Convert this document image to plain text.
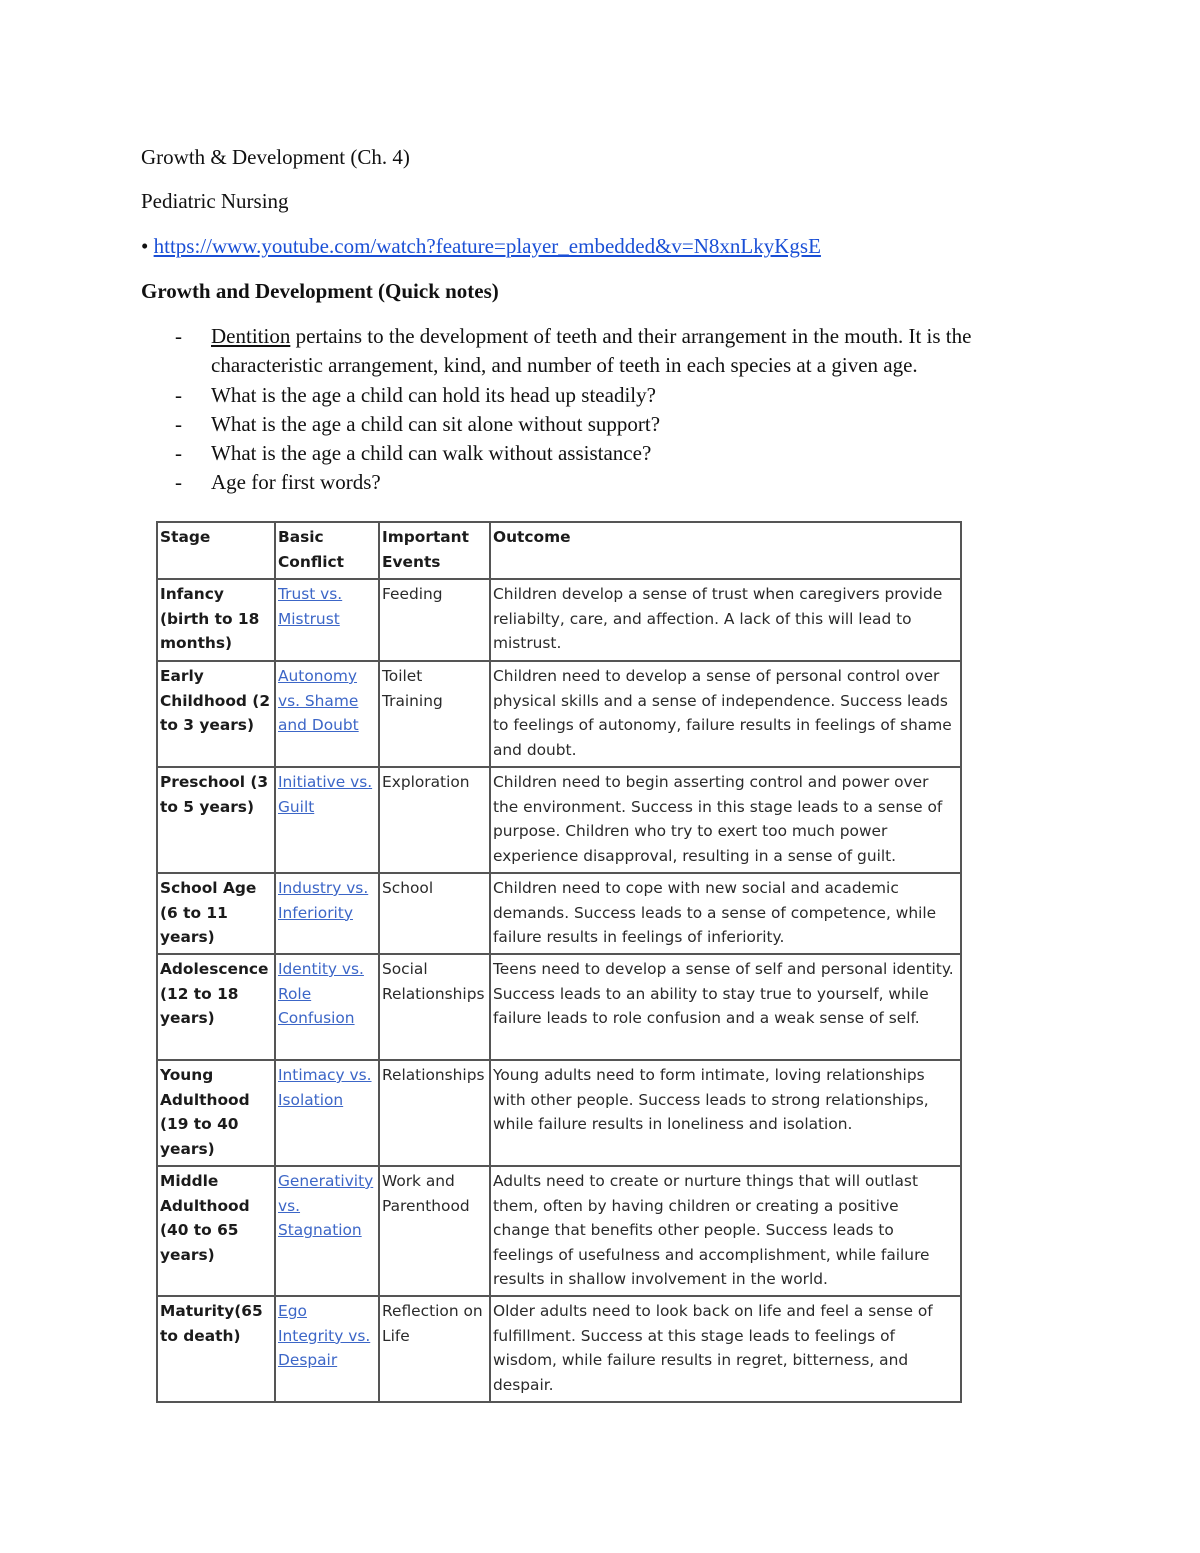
Growth & Development (Ch. 4)
Pediatric Nursing
• https://www.youtube.com/watch?feature=player_embedded&v=N8xnLkyKgsE
Growth and Development (Quick notes)
- Dentition pertains to the development of teeth and their arrangement in the mouth. It is the characteristic arrangement, kind, and number of teeth in each species at a given age.
- What is the age a child can hold its head up steadily?
- What is the age a child can sit alone without support?
- What is the age a child can walk without assistance?
- Age for first words?
Stage	Basic Conflict	Important Events	Outcome
Infancy (birth to 18 months)	Trust vs. Mistrust	Feeding	Children develop a sense of trust when caregivers provide reliabilty, care, and affection. A lack of this will lead to mistrust.
Early Childhood (2 to 3 years)	Autonomy vs. Shame and Doubt	Toilet Training	Children need to develop a sense of personal control over physical skills and a sense of independence. Success leads to feelings of autonomy, failure results in feelings of shame and doubt.
Preschool (3 to 5 years)	Initiative vs. Guilt	Exploration	Children need to begin asserting control and power over the environment. Success in this stage leads to a sense of purpose. Children who try to exert too much power experience disapproval, resulting in a sense of guilt.
School Age (6 to 11 years)	Industry vs. Inferiority	School	Children need to cope with new social and academic demands. Success leads to a sense of competence, while failure results in feelings of inferiority.
Adolescence (12 to 18 years)	Identity vs. Role Confusion	Social Relationships	Teens need to develop a sense of self and personal identity. Success leads to an ability to stay true to yourself, while failure leads to role confusion and a weak sense of self.
Young Adulthood (19 to 40 years)	Intimacy vs. Isolation	Relationships	Young adults need to form intimate, loving relationships with other people. Success leads to strong relationships, while failure results in loneliness and isolation.
Middle Adulthood (40 to 65 years)	Generativity vs. Stagnation	Work and Parenthood	Adults need to create or nurture things that will outlast them, often by having children or creating a positive change that benefits other people. Success leads to feelings of usefulness and accomplishment, while failure results in shallow involvement in the world.
Maturity(65 to death)	Ego Integrity vs. Despair	Reflection on Life	Older adults need to look back on life and feel a sense of fulfillment. Success at this stage leads to feelings of wisdom, while failure results in regret, bitterness, and despair.
